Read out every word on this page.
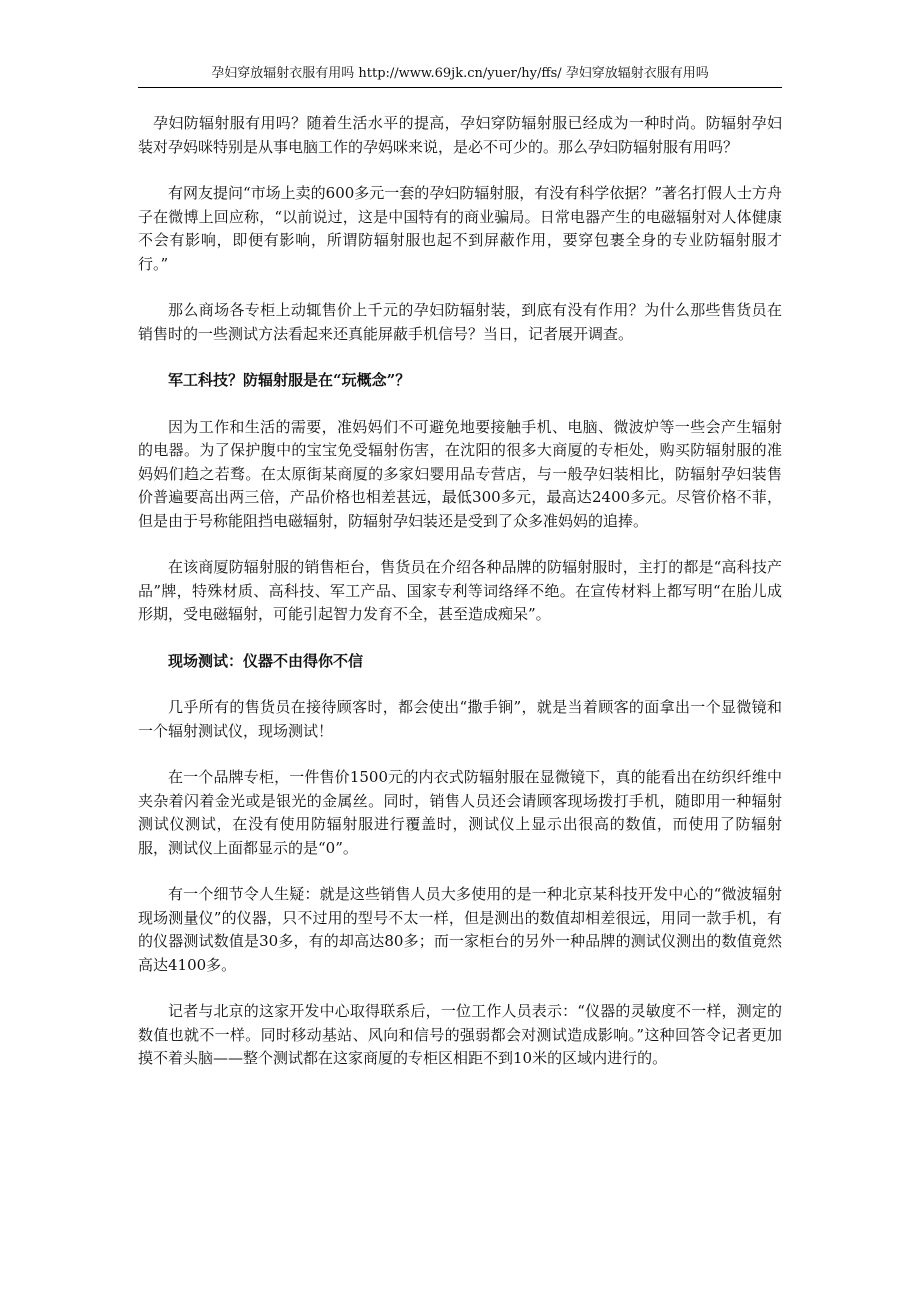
孕妇穿放辐射衣服有用吗 http://www.69jk.cn/yuer/hy/ffs/ 孕妇穿放辐射衣服有用吗

孕妇防辐射服有用吗？随着生活水平的提高，孕妇穿防辐射服已经成为一种时尚。防辐射孕妇装对孕妈咪特别是从事电脑工作的孕妈咪来说，是必不可少的。那么孕妇防辐射服有用吗？

有网友提问“市场上卖的600多元一套的孕妇防辐射服，有没有科学依据？”著名打假人士方舟子在微博上回应称，“以前说过，这是中国特有的商业骗局。日常电器产生的电磁辐射对人体健康不会有影响，即便有影响，所谓防辐射服也起不到屏蔽作用，要穿包裹全身的专业防辐射服才行。”

那么商场各专柜上动辄售价上千元的孕妇防辐射装，到底有没有作用？为什么那些售货员在销售时的一些测试方法看起来还真能屏蔽手机信号？当日，记者展开调查。

军工科技？防辐射服是在“玩概念”？

因为工作和生活的需要，准妈妈们不可避免地要接触手机、电脑、微波炉等一些会产生辐射的电器。为了保护腹中的宝宝免受辐射伤害，在沈阳的很多大商厦的专柜处，购买防辐射服的准妈妈们趋之若骛。在太原街某商厦的多家妇婴用品专营店，与一般孕妇装相比，防辐射孕妇装售价普遍要高出两三倍，产品价格也相差甚远，最低300多元，最高达2400多元。尽管价格不菲，但是由于号称能阻挡电磁辐射，防辐射孕妇装还是受到了众多准妈妈的追捧。

在该商厦防辐射服的销售柜台，售货员在介绍各种品牌的防辐射服时，主打的都是“高科技产品”牌，特殊材质、高科技、军工产品、国家专利等词络绎不绝。在宣传材料上都写明“在胎儿成形期，受电磁辐射，可能引起智力发育不全，甚至造成痴呆”。

现场测试：仪器不由得你不信

几乎所有的售货员在接待顾客时，都会使出“撒手锏”，就是当着顾客的面拿出一个显微镜和一个辐射测试仪，现场测试！

在一个品牌专柜，一件售价1500元的内衣式防辐射服在显微镜下，真的能看出在纺织纤维中夹杂着闪着金光或是银光的金属丝。同时，销售人员还会请顾客现场拨打手机，随即用一种辐射测试仪测试，在没有使用防辐射服进行覆盖时，测试仪上显示出很高的数值，而使用了防辐射服，测试仪上面都显示的是“0”。

有一个细节令人生疑：就是这些销售人员大多使用的是一种北京某科技开发中心的“微波辐射现场测量仪”的仪器，只不过用的型号不太一样，但是测出的数值却相差很远，用同一款手机，有的仪器测试数值是30多，有的却高达80多；而一家柜台的另外一种品牌的测试仪测出的数值竟然高达4100多。

记者与北京的这家开发中心取得联系后，一位工作人员表示：“仪器的灵敏度不一样，测定的数值也就不一样。同时移动基站、风向和信号的强弱都会对测试造成影响。”这种回答令记者更加摸不着头脑——整个测试都在这家商厦的专柜区相距不到10米的区域内进行的。
